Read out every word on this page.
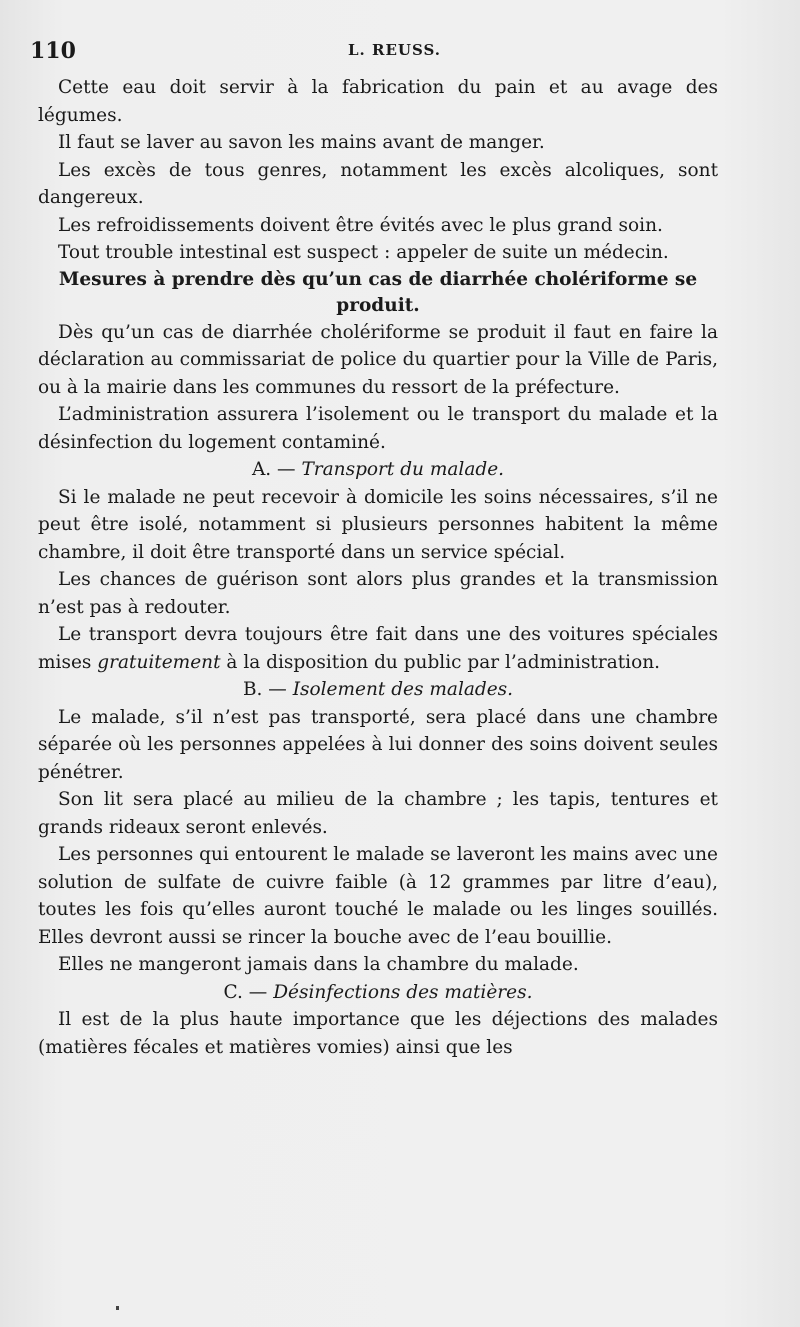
110	L. REUSS.

Cette eau doit servir à la fabrication du pain et au avage des légumes.

Il faut se laver au savon les mains avant de manger.

Les excès de tous genres, notamment les excès alcoliques, sont dangereux.

Les refroidissements doivent être évités avec le plus grand soin.

Tout trouble intestinal est suspect : appeler de suite un médecin.

Mesures à prendre dès qu’un cas de diarrhée cholériforme se produit.

Dès qu’un cas de diarrhée cholériforme se produit il faut en faire la déclaration au commissariat de police du quartier pour la Ville de Paris, ou à la mairie dans les communes du ressort de la préfecture.

L’administration assurera l’isolement ou le transport du malade et la désinfection du logement contaminé.

A. — Transport du malade.

Si le malade ne peut recevoir à domicile les soins nécessaires, s’il ne peut être isolé, notamment si plusieurs personnes habitent la même chambre, il doit être transporté dans un service spécial.

Les chances de guérison sont alors plus grandes et la transmission n’est pas à redouter.

Le transport devra toujours être fait dans une des voitures spéciales mises gratuitement à la disposition du public par l’administration.

B. — Isolement des malades.

Le malade, s’il n’est pas transporté, sera placé dans une chambre séparée où les personnes appelées à lui donner des soins doivent seules pénétrer.

Son lit sera placé au milieu de la chambre ; les tapis, tentures et grands rideaux seront enlevés.

Les personnes qui entourent le malade se laveront les mains avec une solution de sulfate de cuivre faible (à 12 grammes par litre d’eau), toutes les fois qu’elles auront touché le malade ou les linges souillés. Elles devront aussi se rincer la bouche avec de l’eau bouillie.

Elles ne mangeront jamais dans la chambre du malade.

C. — Désinfections des matières.

Il est de la plus haute importance que les déjections des malades (matières fécales et matières vomies) ainsi que les
